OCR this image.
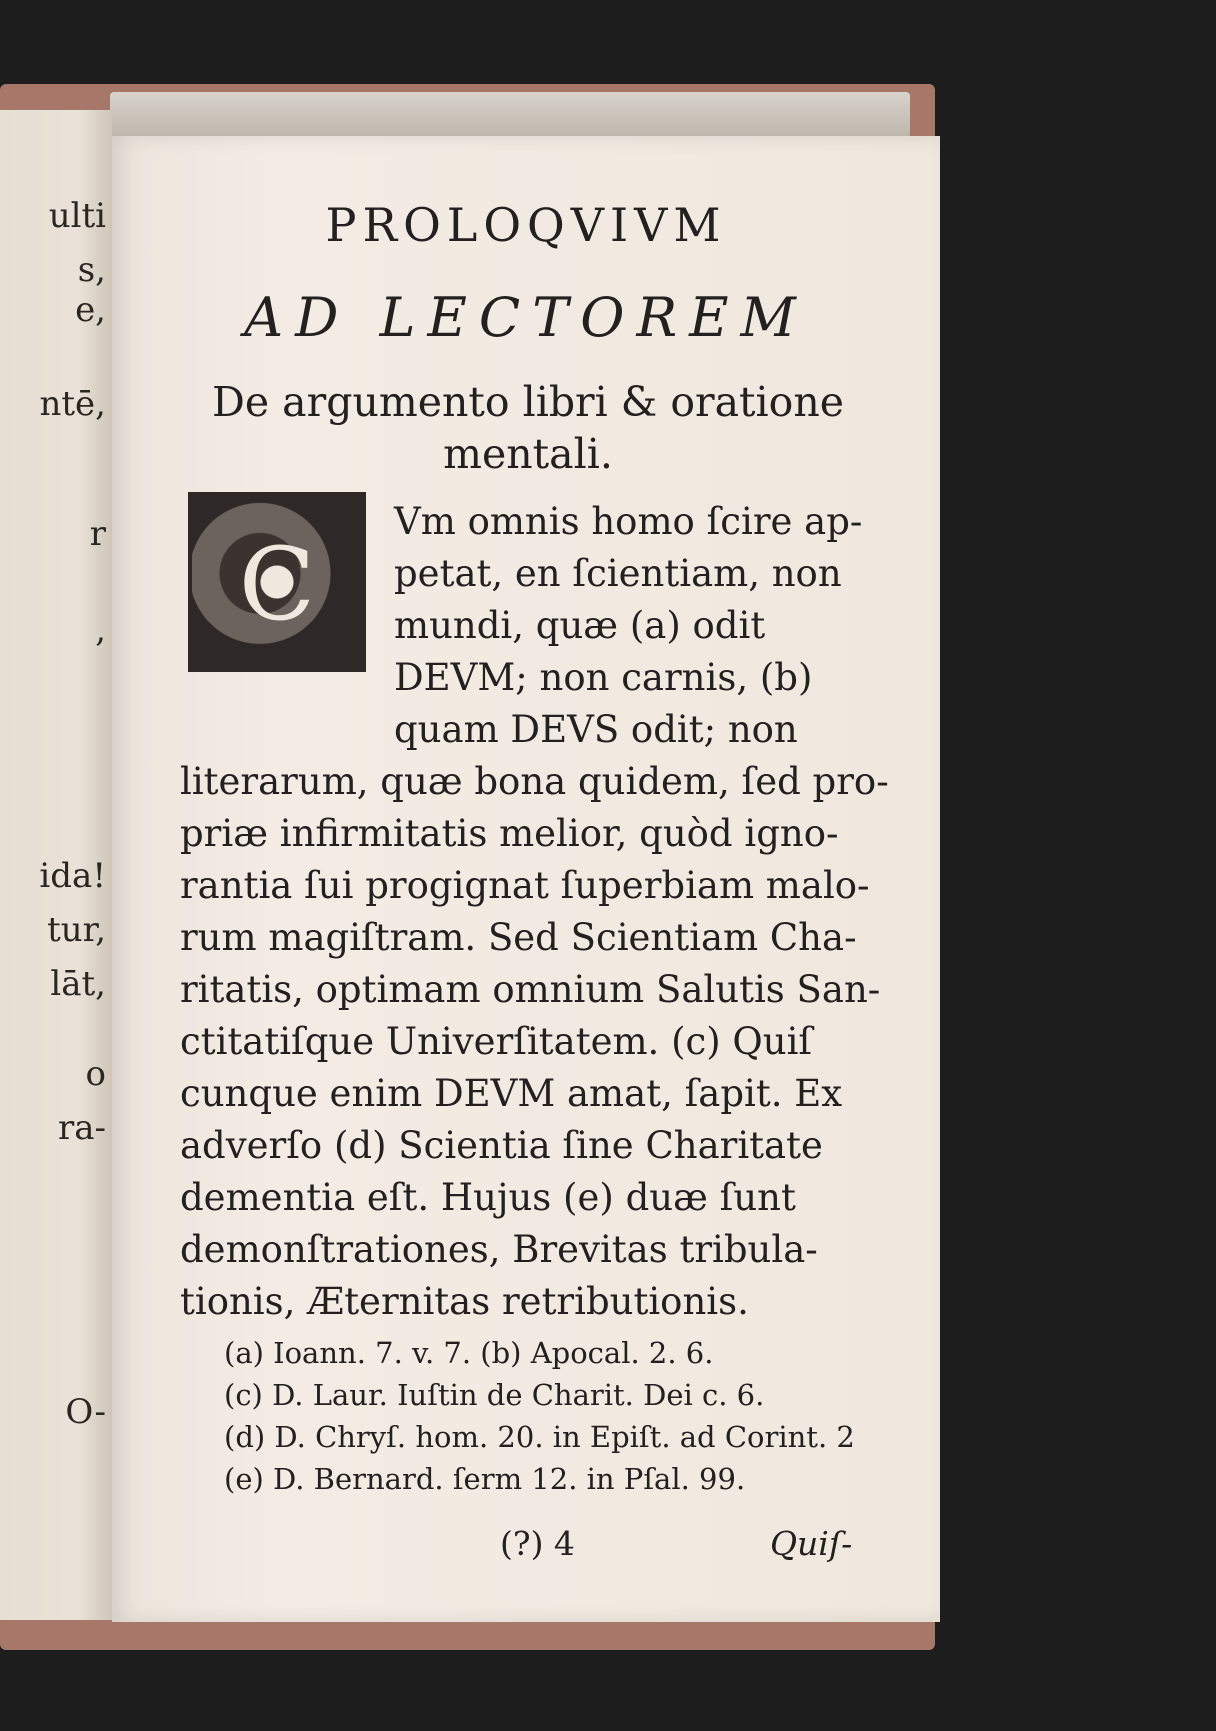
ulti
s,
e,
ntē,
r
,
ida!
tur,
lāt,
o
ra-
O-
PROLOQVIVM
AD LECTOREM
De argumento libri & oratione mentali.
C
Vm omnis homo ſcire ap-
petat, en ſcientiam, non
mundi, quæ (a) odit
DEVM; non carnis, (b)
quam DEVS odit; non
literarum, quæ bona quidem, ſed pro-
priæ infirmitatis melior, quòd igno-
rantia ſui progignat ſuperbiam malo-
rum magiſtram. Sed Scientiam Cha-
ritatis, optimam omnium Salutis San-
ctitatiſque Univerſitatem. (c) Quiſ
cunque enim DEVM amat, ſapit. Ex
adverſo (d) Scientia ſine Charitate
dementia eſt. Hujus (e) duæ ſunt
demonſtrationes, Brevitas tribula-
tionis, Æternitas retributionis.
(a) Ioann. 7. v. 7. (b) Apocal. 2. 6.
(c) D. Laur. Iuſtin de Charit. Dei c. 6.
(d) D. Chryſ. hom. 20. in Epiſt. ad Corint. 2
(e) D. Bernard. ſerm 12. in Pſal. 99.
(?) 4	Quiſ-
